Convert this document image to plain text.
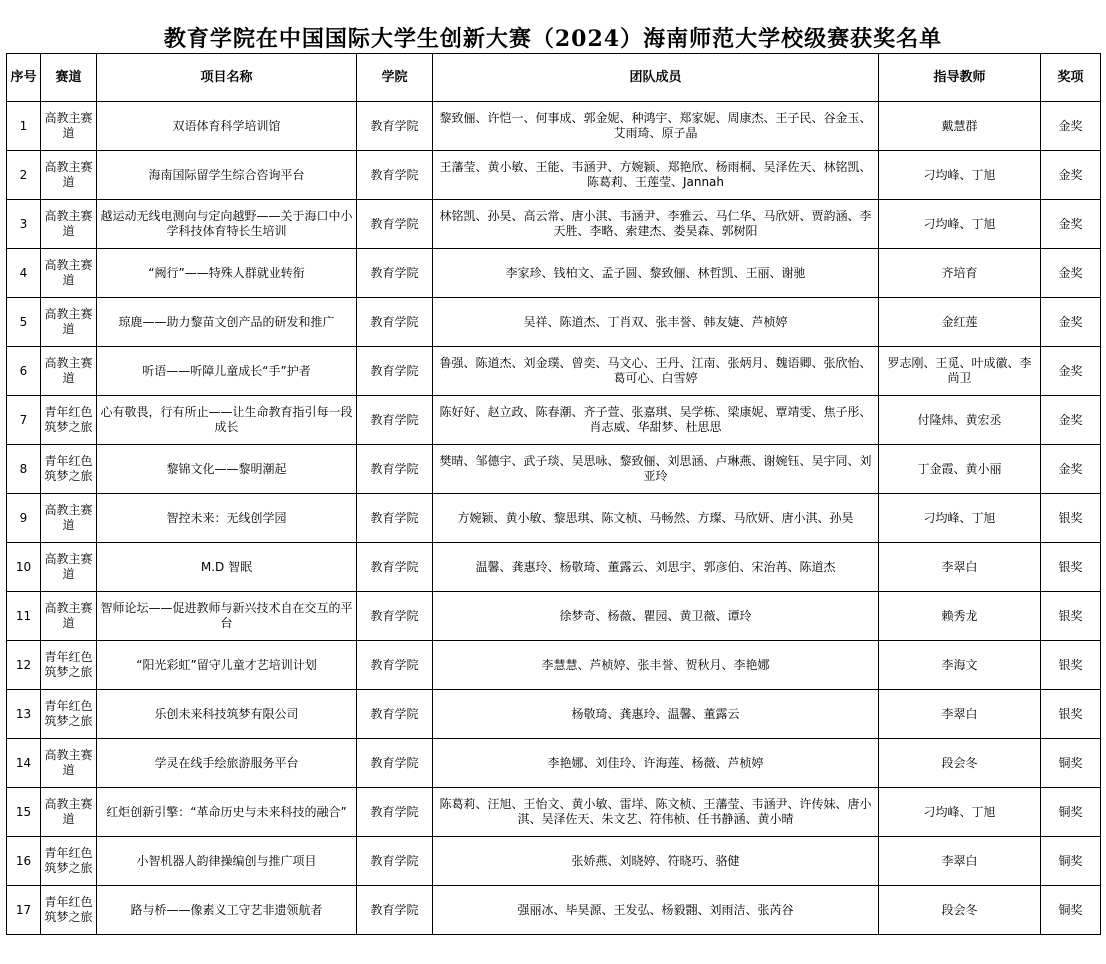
教育学院在中国国际大学生创新大赛（2024）海南师范大学校级赛获奖名单
序号	赛道	项目名称	学院	团队成员	指导教师	奖项
1	高教主赛道	双语体育科学培训馆	教育学院	黎致俪、许恺一、何事成、郭金妮、种鸿宇、郑家妮、周康杰、王子民、谷金玉、艾雨琦、原子晶	戴慧群	金奖
2	高教主赛道	海南国际留学生综合咨询平台	教育学院	王藩莹、黄小敏、王能、韦涵尹、方婉颖、郑艳欣、杨雨桐、吴泽佐天、林铭凯、陈葛莉、王莲莹、Jannah	刁均峰、丁旭	金奖
3	高教主赛道	越运动无线电测向与定向越野——关于海口中小学科技体育特长生培训	教育学院	林铭凯、孙昊、高云常、唐小淇、韦涵尹、李雅云、马仁华、马欣妍、贾韵涵、李天胜、李略、索建杰、娄昊森、郭树阳	刁均峰、丁旭	金奖
4	高教主赛道	“阙行”——特殊人群就业转衔	教育学院	李家珍、钱柏文、孟子圆、黎致俪、林哲凯、王丽、谢驰	齐培育	金奖
5	高教主赛道	琼鹿——助力黎苗文创产品的研发和推广	教育学院	吴祥、陈道杰、丁肖双、张丰誉、韩友婕、芦桢婷	金红莲	金奖
6	高教主赛道	听语——听障儿童成长“手”护者	教育学院	鲁强、陈道杰、刘金璞、曾奕、马文心、王丹、江南、张炳月、魏语卿、张欣怡、葛可心、白雪婷	罗志刚、王觅、叶成徽、李尚卫	金奖
7	青年红色筑梦之旅	心有敬畏，行有所止——让生命教育指引每一段成长	教育学院	陈好好、赵立政、陈春潮、齐子萱、张嘉琪、吴学栋、梁康妮、覃靖雯、焦子彤、肖志威、华甜梦、杜思思	付隆炜、黄宏丞	金奖
8	青年红色筑梦之旅	黎锦文化——黎明潮起	教育学院	樊晴、邹德宇、武子琰、吴思咏、黎致俪、刘思涵、卢琳燕、谢婉钰、吴宇同、刘亚玲	丁金霞、黄小丽	金奖
9	高教主赛道	智控未来：无线创学园	教育学院	方婉颖、黄小敏、黎思琪、陈文桢、马畅然、方璨、马欣妍、唐小淇、孙昊	刁均峰、丁旭	银奖
10	高教主赛道	M.D 智眠	教育学院	温馨、龚惠玲、杨敬琦、董露云、刘思宇、郭彦伯、宋治苒、陈道杰	李翠白	银奖
11	高教主赛道	智师论坛——促进教师与新兴技术自在交互的平台	教育学院	徐梦奇、杨薇、瞿园、黄卫薇、谭玲	赖秀龙	银奖
12	青年红色筑梦之旅	“阳光彩虹”留守儿童才艺培训计划	教育学院	李慧慧、芦桢婷、张丰誉、贺秋月、李艳娜	李海文	银奖
13	青年红色筑梦之旅	乐创未来科技筑梦有限公司	教育学院	杨敬琦、龚惠玲、温馨、董露云	李翠白	银奖
14	高教主赛道	学灵在线手绘旅游服务平台	教育学院	李艳娜、刘佳玲、许海莲、杨薇、芦桢婷	段会冬	铜奖
15	高教主赛道	红炬创新引擎：“革命历史与未来科技的融合”	教育学院	陈葛莉、汪旭、王怡文、黄小敏、雷垟、陈文桢、王藩莹、韦涵尹、许传妹、唐小淇、吴泽佐天、朱文艺、符伟桢、任书静涵、黄小晴	刁均峰、丁旭	铜奖
16	青年红色筑梦之旅	小智机器人韵律操编创与推广项目	教育学院	张娇燕、刘晓婷、符晓巧、骆健	李翠白	铜奖
17	青年红色筑梦之旅	路与桥——像素义工守艺非遗领航者	教育学院	强丽冰、毕昊源、王发弘、杨毅翾、刘雨洁、张芮谷	段会冬	铜奖
